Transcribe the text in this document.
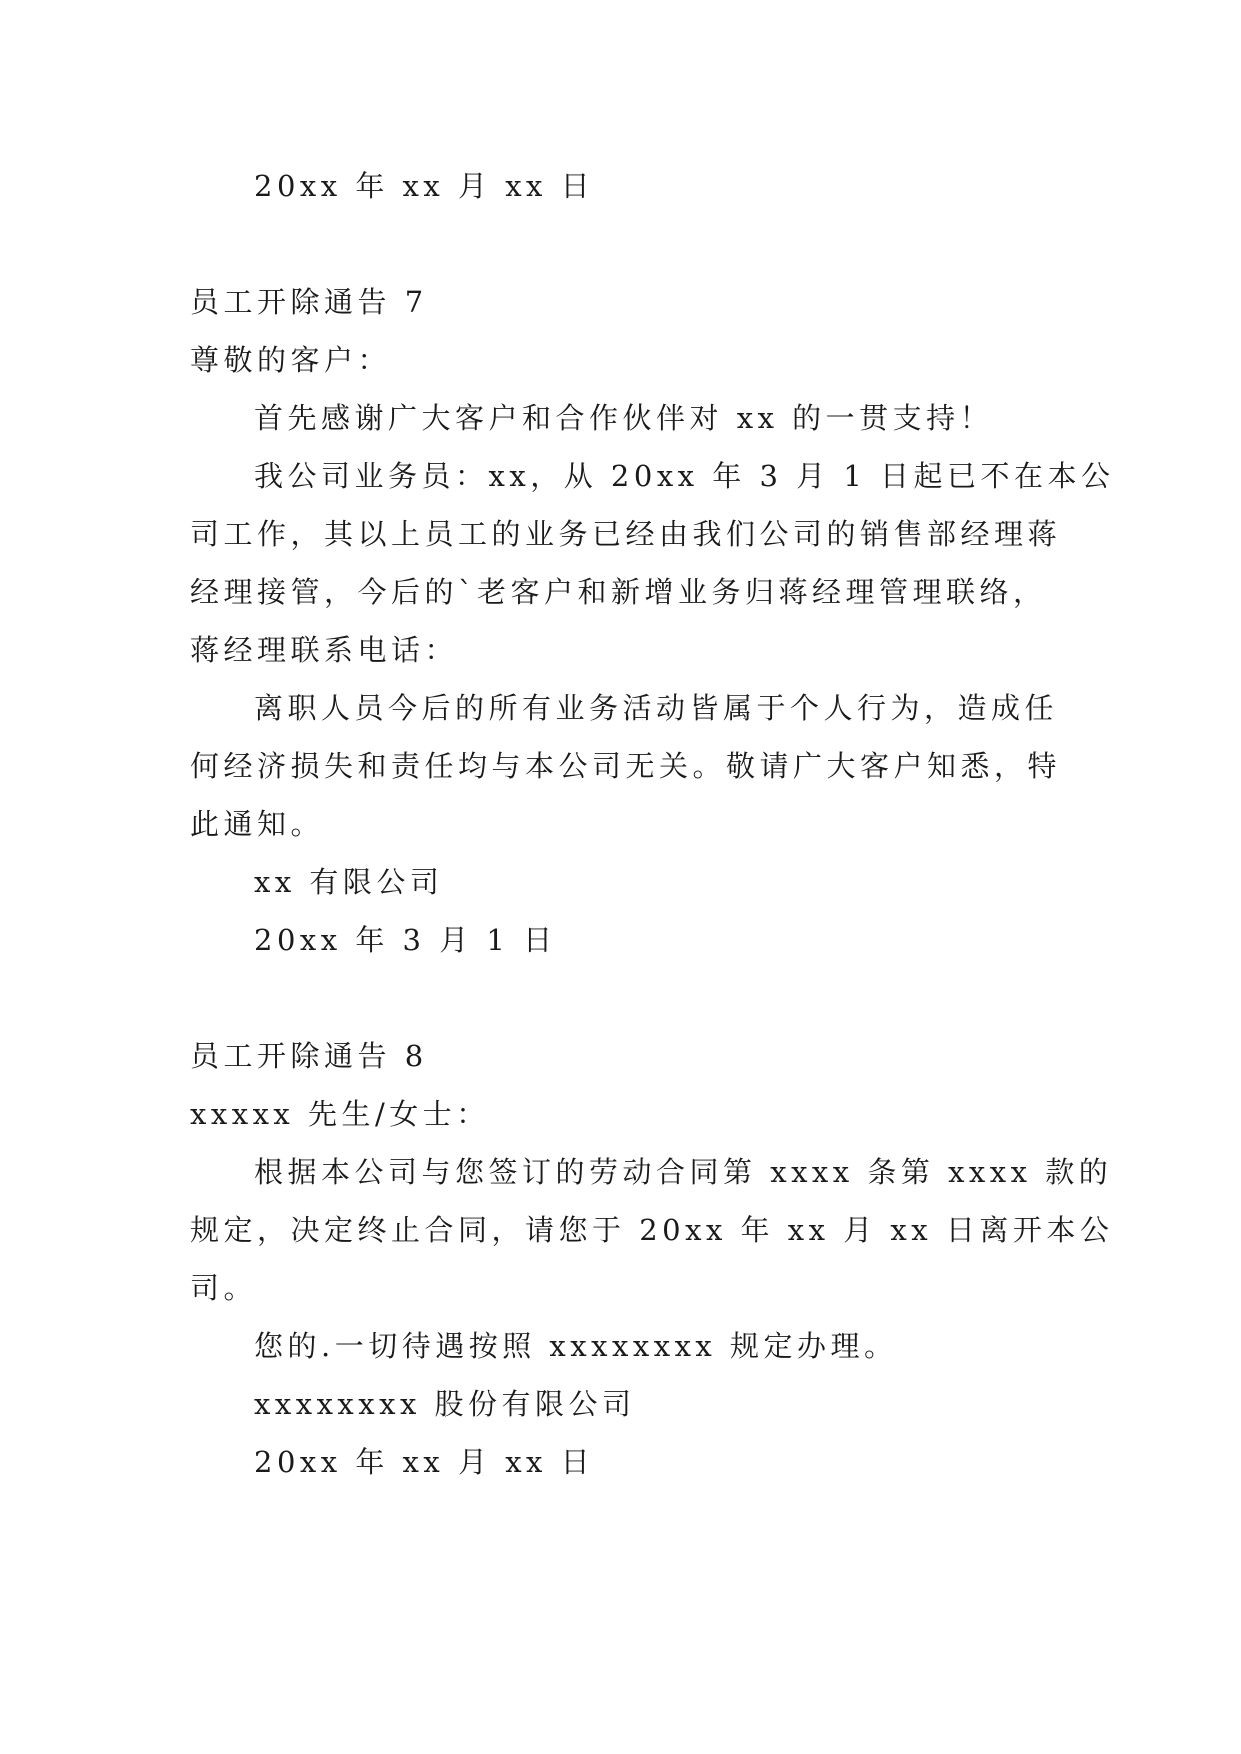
20xx 年 xx 月 xx 日
员工开除通告 7
尊敬的客户：
首先感谢广大客户和合作伙伴对 xx 的一贯支持！
我公司业务员：xx，从 20xx 年 3 月 1 日起已不在本公
司工作，其以上员工的业务已经由我们公司的销售部经理蒋
经理接管，今后的`老客户和新增业务归蒋经理管理联络，
蒋经理联系电话：
离职人员今后的所有业务活动皆属于个人行为，造成任
何经济损失和责任均与本公司无关。敬请广大客户知悉，特
此通知。
xx 有限公司
20xx 年 3 月 1 日
员工开除通告 8
xxxxx 先生/女士：
根据本公司与您签订的劳动合同第 xxxx 条第 xxxx 款的
规定，决定终止合同，请您于 20xx 年 xx 月 xx 日离开本公
司。
您的.一切待遇按照 xxxxxxxx 规定办理。
xxxxxxxx 股份有限公司
20xx 年 xx 月 xx 日
